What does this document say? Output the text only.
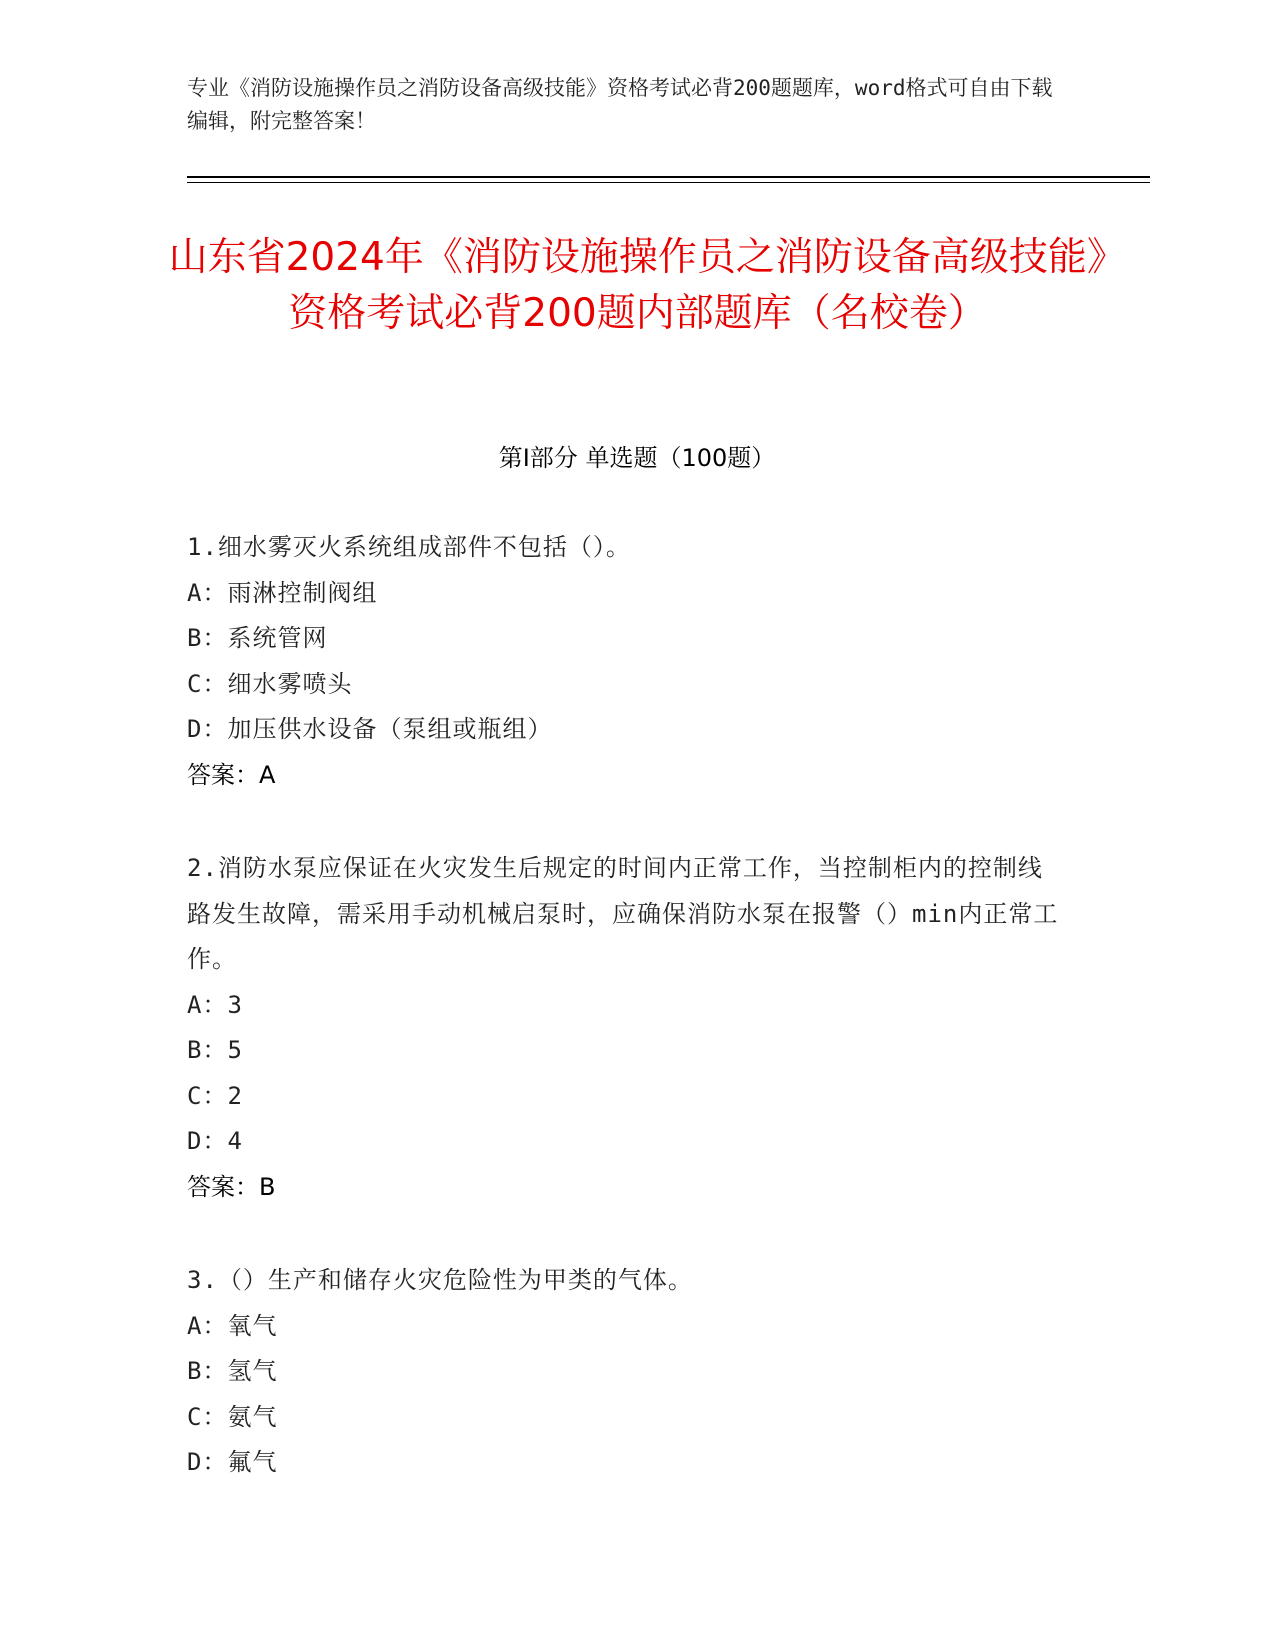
专业《消防设施操作员之消防设备高级技能》资格考试必背200题题库，word格式可自由下载编辑，附完整答案！
山东省2024年《消防设施操作员之消防设备高级技能》资格考试必背200题内部题库（名校卷）
第I部分 单选题（100题）
1.细水雾灭火系统组成部件不包括（）。
A：雨淋控制阀组
B：系统管网
C：细水雾喷头
D：加压供水设备（泵组或瓶组）
答案：A
2.消防水泵应保证在火灾发生后规定的时间内正常工作，当控制柜内的控制线路发生故障，需采用手动机械启泵时，应确保消防水泵在报警（）min内正常工作。
A：3
B：5
C：2
D：4
答案：B
3.（）生产和储存火灾危险性为甲类的气体。
A：氧气
B：氢气
C：氨气
D：氟气
